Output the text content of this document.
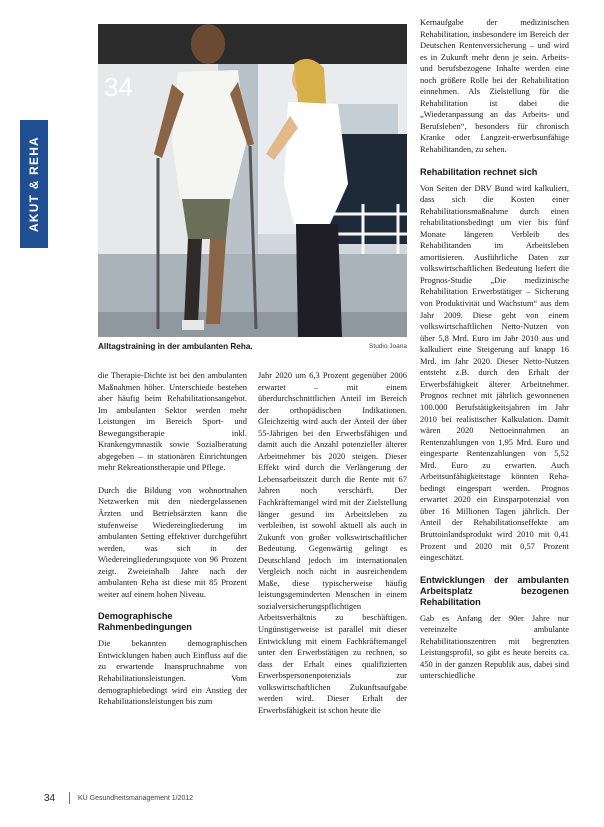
AKUT & REHA
34
Alltagstraining in der ambulanten Reha.	Studio Joana

die Therapie-Dichte ist bei den ambulanten Maßnahmen höher. Unterschiede bestehen aber häufig beim Rehabilitationsangebot. Im ambulanten Sektor werden mehr Leistungen im Bereich Sport- und Bewegungstherapie inkl. Krankengymnastik sowie Sozialberatung abgegeben – in stationären Einrichtungen mehr Rekreationstherapie und Pflege.

Durch die Bildung von wohnortnahen Netzwerken mit den niedergelassenen Ärzten und Betriebsärzten kann die stufenweise Wiedereingliederung im ambulanten Setting effektiver durchgeführt werden, was sich in der Wiedereingliederungsquote von 96 Prozent zeigt. Zweieinhalb Jahre nach der ambulanten Reha ist diese mit 85 Prozent weiter auf einem hohen Niveau.

Demographische Rahmenbedingungen

Die bekannten demographischen Entwicklungen haben auch Einfluss auf die zu erwartende Inanspruchnahme von Rehabilitationsleistungen. Vom demographiebedingt wird ein Anstieg der Rehabilitationsleistungen bis zum

Jahr 2020 um 6,3 Prozent gegenüber 2006 erwartet – mit einem überdurchschnittlichen Anteil im Bereich der orthopädischen Indikationen. Gleichzeitig wird auch der Anteil der über 55-Jährigen bei den Erwerbsfähigen und damit auch die Anzahl potenzieller älterer Arbeitnehmer bis 2020 steigen. Dieser Effekt wird durch die Verlängerung der Lebensarbeitszeit durch die Rente mit 67 Jahren noch verschärft. Der Fachkräftemangel wird mit der Zielstellung länger gesund im Arbeitsleben zu verbleiben, ist sowohl aktuell als auch in Zukunft von großer volkswirtschaftlicher Bedeutung. Gegenwärtig gelingt es Deutschland jedoch im internationalen Vergleich noch nicht in ausreichendem Maße, diese typischerweise häufig leistungsgeminderten Menschen in einem sozialversicherungspflichtigen Arbeitsverhältnis zu beschäftigen. Ungünstigerweise ist parallel mit dieser Entwicklung mit einem Fachkräftemangel unter den Erwerbstätigen zu rechnen, so dass der Erhalt eines qualifizierten Erwerbspersonenpotenzials zur volkswirtschaftlichen Zukunftsaufgabe werden wird. Dieser Erhalt der Erwerbsfähigkeit ist schon heute die

Kernaufgabe der medizinischen Rehabilitation, insbesondere im Bereich der Deutschen Rentenversicherung – und wird es in Zukunft mehr denn je sein. Arbeits- und berufsbezogene Inhalte werden eine noch größere Rolle bei der Rehabilitation einnehmen. Als Zielstellung für die Rehabilitation ist dabei die „Wiederanpassung an das Arbeits- und Berufsleben“, besonders für chronisch Kranke oder Langzeit-erwerbsunfähige Rehabilitanden, zu sehen.

Rehabilitation rechnet sich

Von Seiten der DRV Bund wird kalkuliert, dass sich die Kosten einer Rehabilitationsmaßnahme durch einen rehabilitationsbedingt um vier bis fünf Monate längeren Verbleib des Rehabilitanden im Arbeitsleben amortisieren. Ausführliche Daten zur volkswirtschaftlichen Bedeutung liefert die Prognos-Studie „Die medizinische Rehabilitation Erwerbstätiger – Sicherung von Produktivität und Wachstum“ aus dem Jahr 2009. Diese geht von einem volkswirtschaftlichen Netto-Nutzen von über 5,8 Mrd. Euro im Jahr 2010 aus und kalkuliert eine Steigerung auf knapp 16 Mrd. im Jahr 2020. Dieser Netto-Nutzen entsteht z.B. durch den Erhalt der Erwerbsfähigkeit älterer Arbeitnehmer. Prognos rechnet mit jährlich gewonnenen 100.000 Berufstätigkeitsjahren im Jahr 2010 bei realistischer Kalkulation. Damit wären 2020 Nettoeinnahmen an Rentenzahlungen von 1,95 Mrd. Euro und eingesparte Rentenzahlungen von 5,52 Mrd. Euro zu erwarten. Auch Arbeitsunfähigkeitstage könnten Reha-bedingt eingespart werden. Prognos erwartet 2020 ein Einsparpotenzial von über 16 Millionen Tagen jährlich. Der Anteil der Rehabilitationseffekte am Bruttoinlandsprodukt wird 2010 mit 0,41 Prozent und 2020 mit 0,57 Prozent eingeschätzt.

Entwicklungen der ambulanten Arbeitsplatz bezogenen Rehabilitation

Gab es Anfang der 90er Jahre nur vereinzelte ambulante Rehabilitationszentren mit begrenzten Leistungsprofil, so gibt es heute bereits ca. 450 in der ganzen Republik aus, dabei sind unterschiedliche

34	KU Gesundheitsmanagement 1/2012
